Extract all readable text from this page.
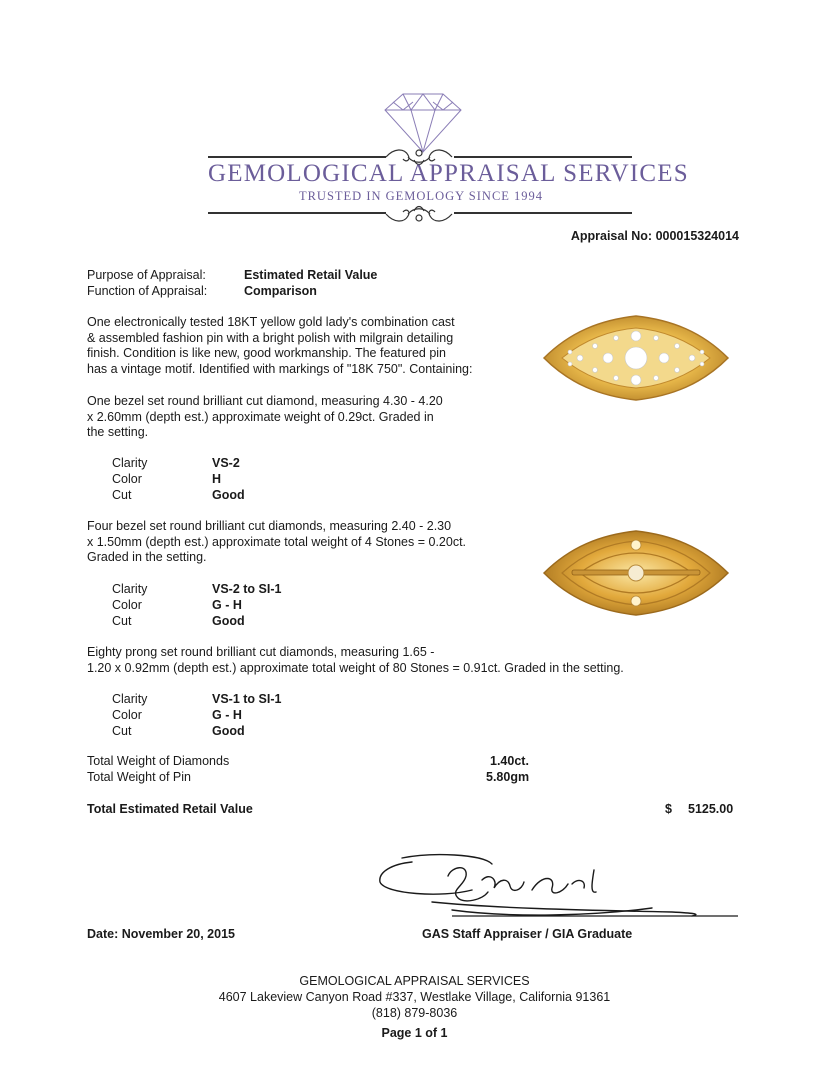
GEMOLOGICAL APPRAISAL SERVICES
TRUSTED IN GEMOLOGY SINCE 1994
Appraisal No: 000015324014
Purpose of Appraisal:	Estimated Retail Value
Function of Appraisal:	Comparison
One electronically tested 18KT yellow gold lady's combination cast
& assembled fashion pin with a bright polish with milgrain detailing
finish. Condition is like new, good workmanship. The featured pin
has a vintage motif. Identified with markings of "18K 750". Containing:
One bezel set round brilliant cut diamond, measuring 4.30 - 4.20
x 2.60mm (depth est.) approximate weight of 0.29ct. Graded in
the setting.
Clarity	VS-2
Color	H
Cut	Good
Four bezel set round brilliant cut diamonds, measuring 2.40 - 2.30
x 1.50mm (depth est.) approximate total weight of 4 Stones = 0.20ct.
Graded in the setting.
Clarity	VS-2 to SI-1
Color	G - H
Cut	Good
Eighty prong set round brilliant cut diamonds, measuring 1.65 -
1.20 x 0.92mm (depth est.) approximate total weight of 80 Stones = 0.91ct. Graded in the setting.
Clarity	VS-1 to SI-1
Color	G - H
Cut	Good
Total Weight of Diamonds	1.40ct.
Total Weight of Pin	5.80gm
Total Estimated Retail Value	$ 5125.00
Date: November 20, 2015	GAS Staff Appraiser / GIA Graduate
GEMOLOGICAL APPRAISAL SERVICES
4607 Lakeview Canyon Road #337, Westlake Village, California 91361
(818) 879-8036
Page 1 of 1
